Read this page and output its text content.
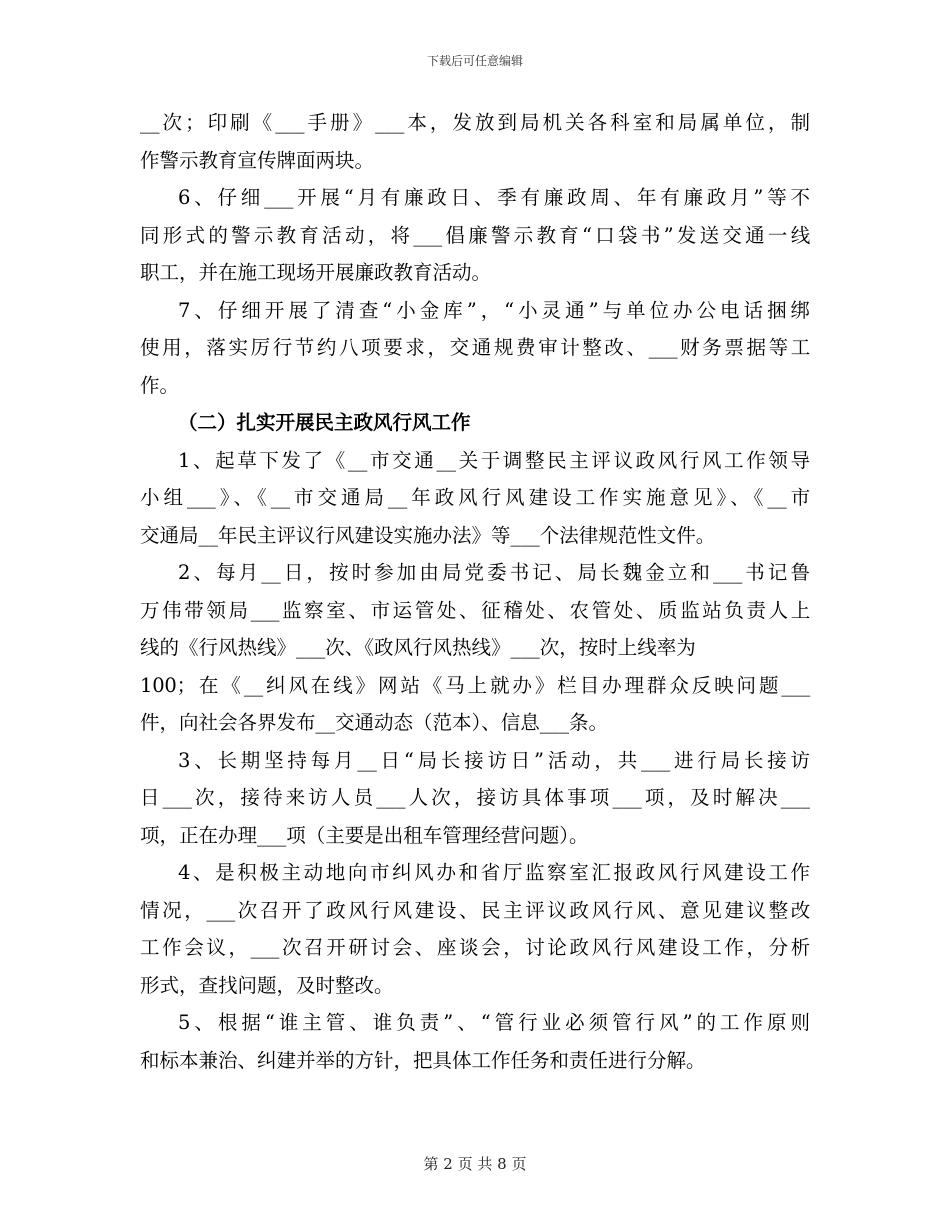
下载后可任意编辑
__次；印刷《___手册》___本，发放到局机关各科室和局属单位，制
作警示教育宣传牌面两块。
6、仔细___开展“月有廉政日、季有廉政周、年有廉政月”等不
同形式的警示教育活动，将___倡廉警示教育“口袋书”发送交通一线
职工，并在施工现场开展廉政教育活动。
7、仔细开展了清查“小金库”，“小灵通”与单位办公电话捆绑
使用，落实厉行节约八项要求，交通规费审计整改、___财务票据等工
作。
（二）扎实开展民主政风行风工作
1、起草下发了《__市交通__关于调整民主评议政风行风工作领导
小组___》、《__市交通局__年政风行风建设工作实施意见》、《__市
交通局__年民主评议行风建设实施办法》等___个法律规范性文件。
2、每月__日，按时参加由局党委书记、局长魏金立和___书记鲁
万伟带领局___监察室、市运管处、征稽处、农管处、质监站负责人上
线的《行风热线》___次、《政风行风热线》___次，按时上线率为
100；在《__纠风在线》网站《马上就办》栏目办理群众反映问题___
件，向社会各界发布__交通动态（范本）、信息___条。
3、长期坚持每月__日“局长接访日”活动，共___进行局长接访
日___次，接待来访人员___人次，接访具体事项___项，及时解决___
项，正在办理___项（主要是出租车管理经营问题）。
4、是积极主动地向市纠风办和省厅监察室汇报政风行风建设工作
情况，___次召开了政风行风建设、民主评议政风行风、意见建议整改
工作会议，___次召开研讨会、座谈会，讨论政风行风建设工作，分析
形式，查找问题，及时整改。
5、根据“谁主管、谁负责”、“管行业必须管行风”的工作原则
和标本兼治、纠建并举的方针，把具体工作任务和责任进行分解。
第 2 页 共 8 页
